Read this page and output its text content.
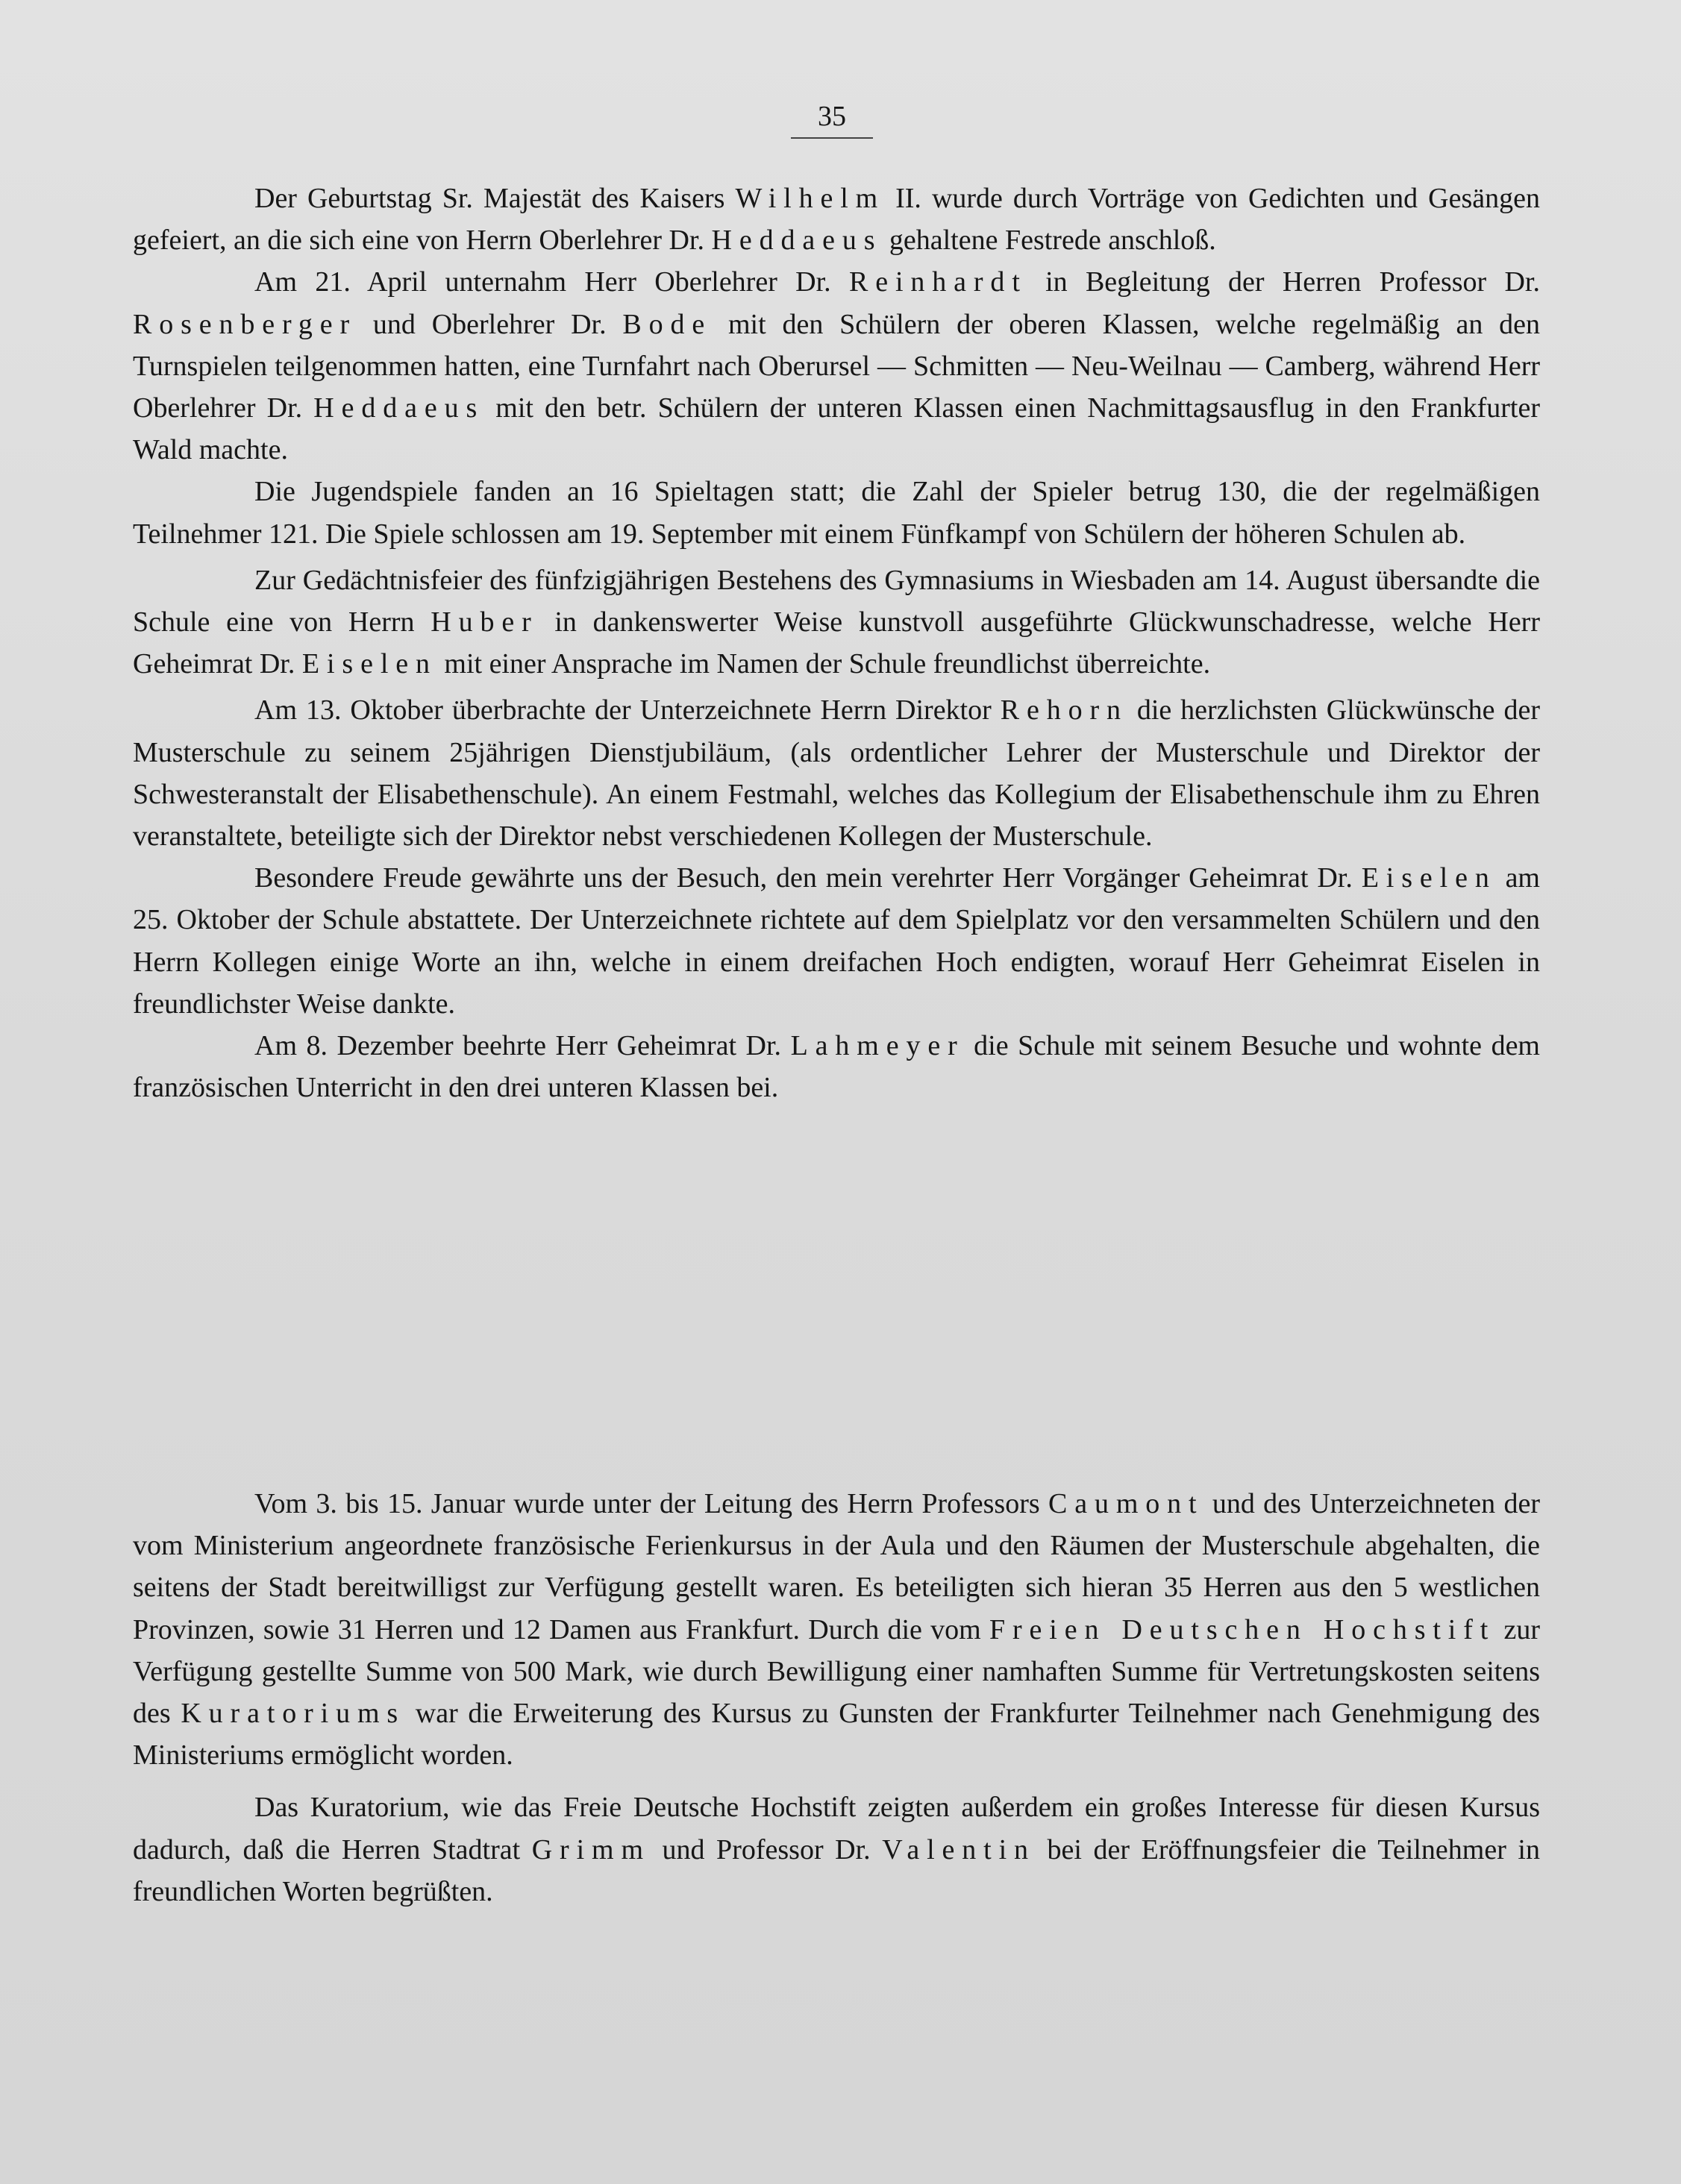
35

Der Geburtstag Sr. Majestät des Kaisers Wilhelm II. wurde durch Vorträge von Gedichten und Gesängen gefeiert, an die sich eine von Herrn Oberlehrer Dr. Heddaeus gehaltene Festrede anschloß.

Am 21. April unternahm Herr Oberlehrer Dr. Reinhardt in Begleitung der Herren Professor Dr. Rosenberger und Oberlehrer Dr. Bode mit den Schülern der oberen Klassen, welche regelmäßig an den Turnspielen teilgenommen hatten, eine Turnfahrt nach Oberursel — Schmitten — Neu-Weilnau — Camberg, während Herr Oberlehrer Dr. Heddaeus mit den betr. Schülern der unteren Klassen einen Nachmittagsausflug in den Frankfurter Wald machte.

Die Jugendspiele fanden an 16 Spieltagen statt; die Zahl der Spieler betrug 130, die der regelmäßigen Teilnehmer 121. Die Spiele schlossen am 19. September mit einem Fünfkampf von Schülern der höheren Schulen ab.

Zur Gedächtnisfeier des fünfzigjährigen Bestehens des Gymnasiums in Wiesbaden am 14. August übersandte die Schule eine von Herrn Huber in dankenswerter Weise kunstvoll ausgeführte Glückwunschadresse, welche Herr Geheimrat Dr. Eiselen mit einer Ansprache im Namen der Schule freundlichst überreichte.

Am 13. Oktober überbrachte der Unterzeichnete Herrn Direktor Rehorn die herzlichsten Glückwünsche der Musterschule zu seinem 25jährigen Dienstjubiläum, (als ordentlicher Lehrer der Musterschule und Direktor der Schwesteranstalt der Elisabethenschule). An einem Festmahl, welches das Kollegium der Elisabethenschule ihm zu Ehren veranstaltete, beteiligte sich der Direktor nebst verschiedenen Kollegen der Musterschule.

Besondere Freude gewährte uns der Besuch, den mein verehrter Herr Vorgänger Geheimrat Dr. Eiselen am 25. Oktober der Schule abstattete. Der Unterzeichnete richtete auf dem Spielplatz vor den versammelten Schülern und den Herrn Kollegen einige Worte an ihn, welche in einem dreifachen Hoch endigten, worauf Herr Geheimrat Eiselen in freundlichster Weise dankte.

Am 8. Dezember beehrte Herr Geheimrat Dr. Lahmeyer die Schule mit seinem Besuche und wohnte dem französischen Unterricht in den drei unteren Klassen bei.

Vom 3. bis 15. Januar wurde unter der Leitung des Herrn Professors Caumont und des Unterzeichneten der vom Ministerium angeordnete französische Ferienkursus in der Aula und den Räumen der Musterschule abgehalten, die seitens der Stadt bereitwilligst zur Verfügung gestellt waren. Es beteiligten sich hieran 35 Herren aus den 5 westlichen Provinzen, sowie 31 Herren und 12 Damen aus Frankfurt. Durch die vom Freien Deutschen Hochstift zur Verfügung gestellte Summe von 500 Mark, wie durch Bewilligung einer namhaften Summe für Vertretungskosten seitens des Kuratoriums war die Erweiterung des Kursus zu Gunsten der Frankfurter Teilnehmer nach Genehmigung des Ministeriums ermöglicht worden.

Das Kuratorium, wie das Freie Deutsche Hochstift zeigten außerdem ein großes Interesse für diesen Kursus dadurch, daß die Herren Stadtrat Grimm und Professor Dr. Valentin bei der Eröffnungsfeier die Teilnehmer in freundlichen Worten begrüßten.
